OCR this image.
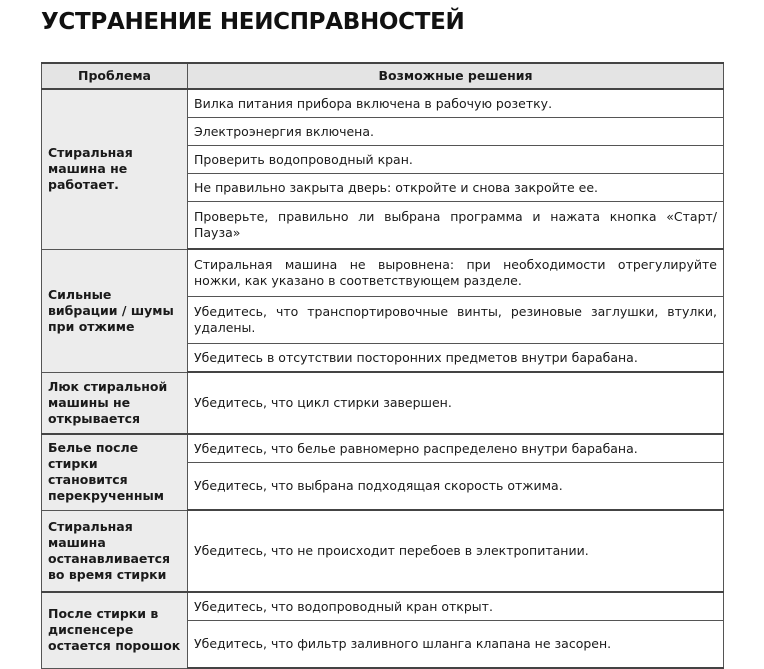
УСТРАНЕНИЕ НЕИСПРАВНОСТЕЙ
Проблема	Возможные решения
Стиральная машина не работает.	Вилка питания прибора включена в рабочую розетку.
	Электроэнергия включена.
	Проверить водопроводный кран.
	Не правильно закрыта дверь: откройте и снова закройте ее.
	Проверьте, правильно ли выбрана программа и нажата кнопка «Старт/Пауза»
Сильные вибрации / шумы при отжиме	Стиральная машина не выровнена: при необходимости отрегулируйте ножки, как указано в соответствующем разделе.
	Убедитесь, что транспортировочные винты, резиновые заглушки, втулки, удалены.
	Убедитесь в отсутствии посторонних предметов внутри барабана.
Люк стиральной машины не открывается	Убедитесь, что цикл стирки завершен.
Белье после стирки становится перекрученным	Убедитесь, что белье равномерно распределено внутри барабана.
	Убедитесь, что выбрана подходящая скорость отжима.
Стиральная машина останавливается во время стирки	Убедитесь, что не происходит перебоев в электропитании.
После стирки в диспенсере остается порошок	Убедитесь, что водопроводный кран открыт.
	Убедитесь, что фильтр заливного шланга клапана не засорен.
